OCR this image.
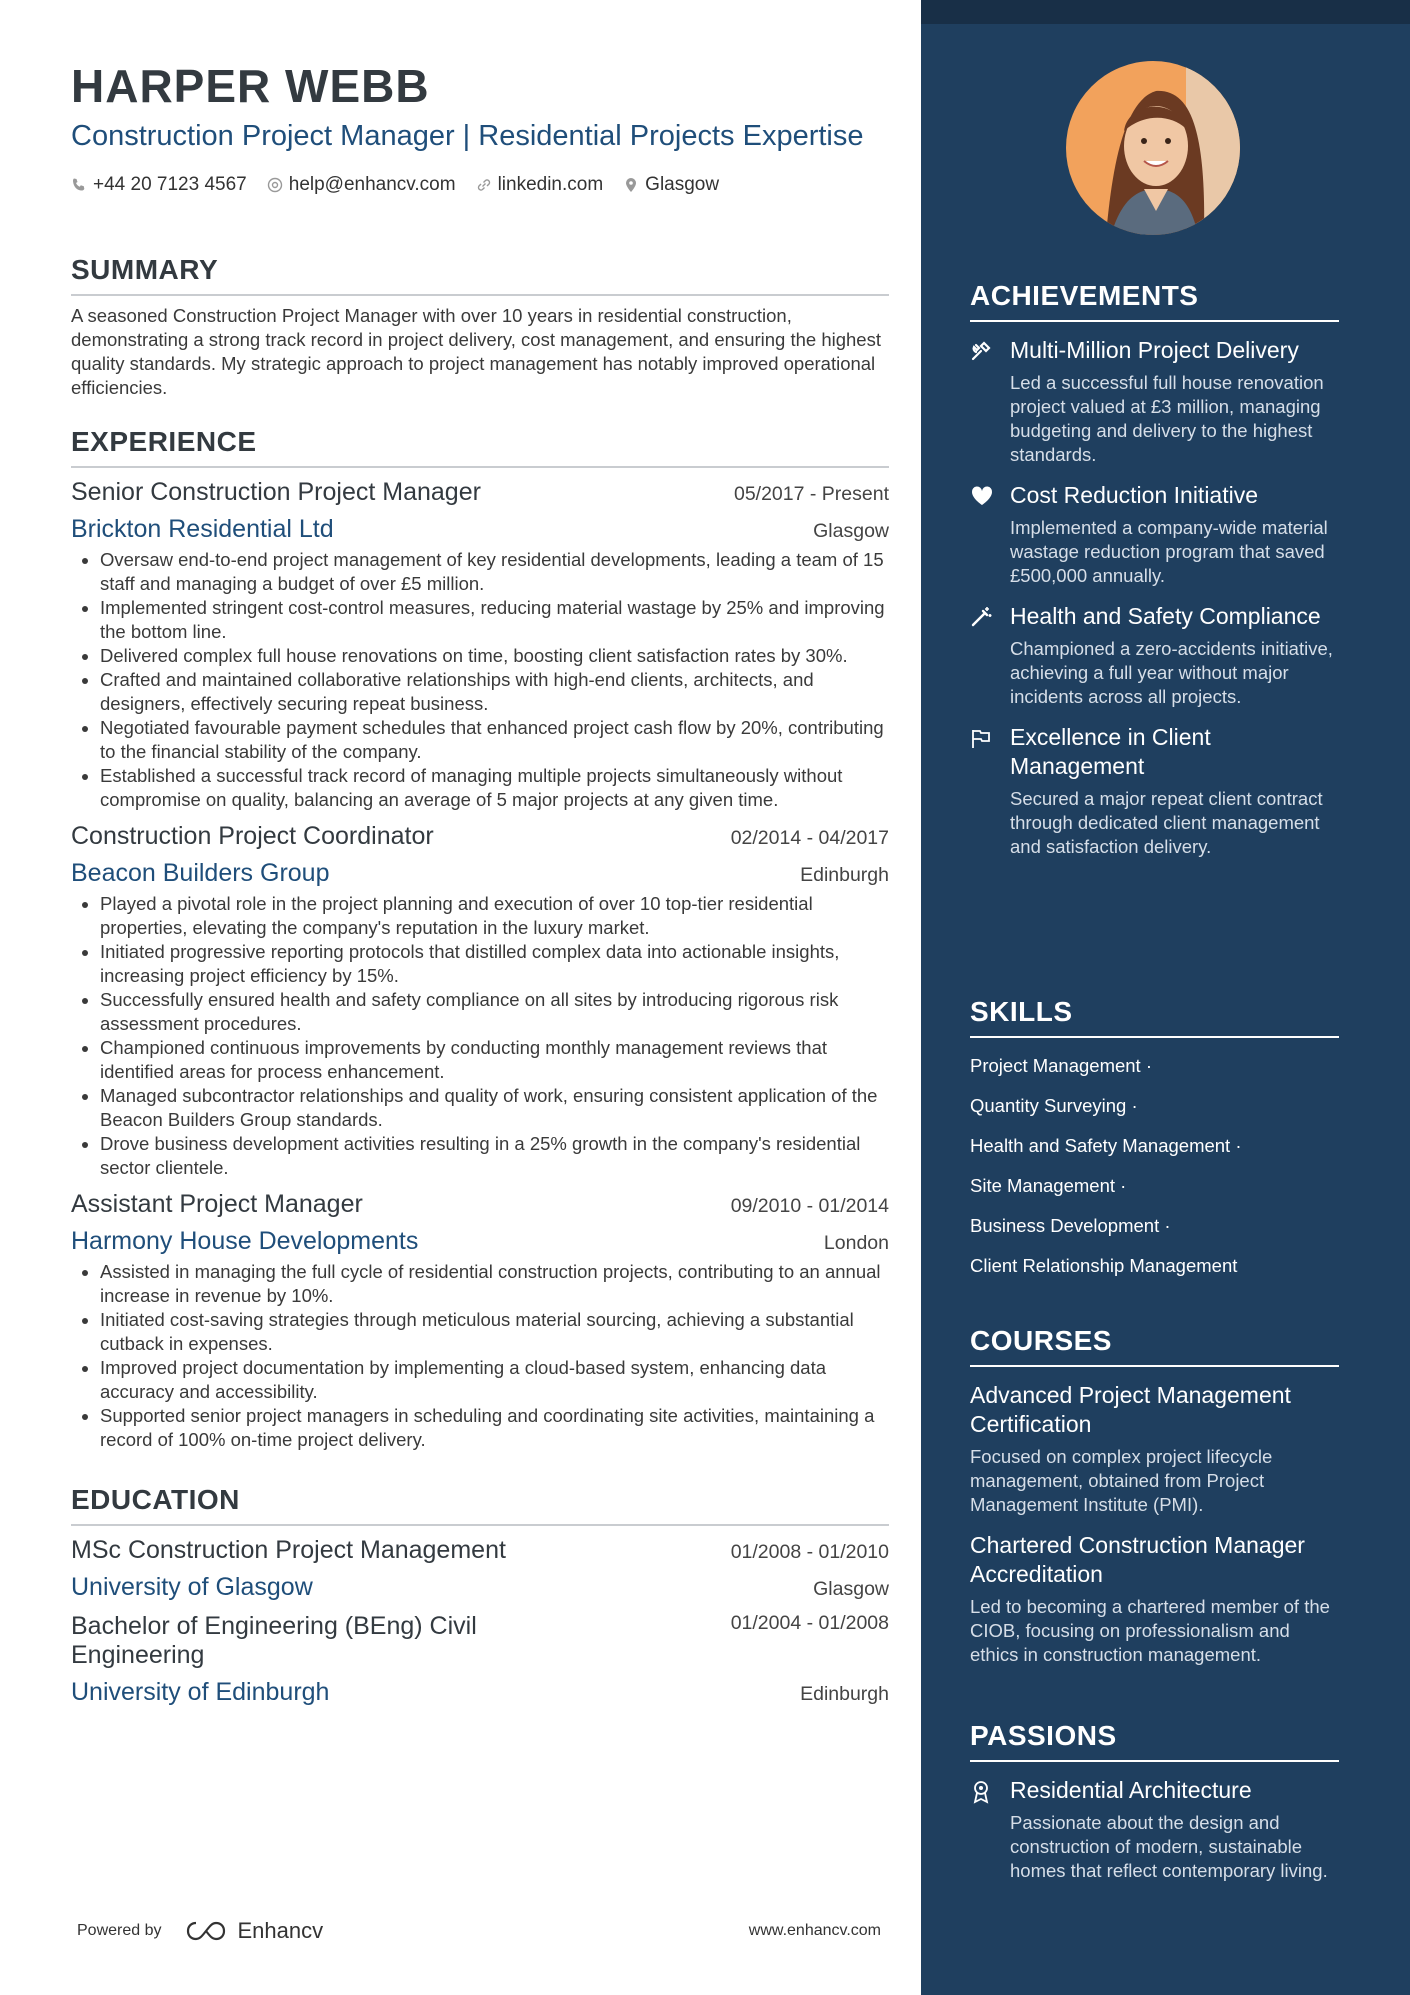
HARPER WEBB
Construction Project Manager | Residential Projects Expertise
+44 20 7123 4567 help@enhancv.com linkedin.com Glasgow
SUMMARY
A seasoned Construction Project Manager with over 10 years in residential construction, demonstrating a strong track record in project delivery, cost management, and ensuring the highest quality standards. My strategic approach to project management has notably improved operational efficiencies.
EXPERIENCE
Senior Construction Project Manager	05/2017 - Present
Brickton Residential Ltd	Glasgow
• Oversaw end-to-end project management of key residential developments, leading a team of 15 staff and managing a budget of over £5 million.
• Implemented stringent cost-control measures, reducing material wastage by 25% and improving the bottom line.
• Delivered complex full house renovations on time, boosting client satisfaction rates by 30%.
• Crafted and maintained collaborative relationships with high-end clients, architects, and designers, effectively securing repeat business.
• Negotiated favourable payment schedules that enhanced project cash flow by 20%, contributing to the financial stability of the company.
• Established a successful track record of managing multiple projects simultaneously without compromise on quality, balancing an average of 5 major projects at any given time.
Construction Project Coordinator	02/2014 - 04/2017
Beacon Builders Group	Edinburgh
• Played a pivotal role in the project planning and execution of over 10 top-tier residential properties, elevating the company's reputation in the luxury market.
• Initiated progressive reporting protocols that distilled complex data into actionable insights, increasing project efficiency by 15%.
• Successfully ensured health and safety compliance on all sites by introducing rigorous risk assessment procedures.
• Championed continuous improvements by conducting monthly management reviews that identified areas for process enhancement.
• Managed subcontractor relationships and quality of work, ensuring consistent application of the Beacon Builders Group standards.
• Drove business development activities resulting in a 25% growth in the company's residential sector clientele.
Assistant Project Manager	09/2010 - 01/2014
Harmony House Developments	London
• Assisted in managing the full cycle of residential construction projects, contributing to an annual increase in revenue by 10%.
• Initiated cost-saving strategies through meticulous material sourcing, achieving a substantial cutback in expenses.
• Improved project documentation by implementing a cloud-based system, enhancing data accuracy and accessibility.
• Supported senior project managers in scheduling and coordinating site activities, maintaining a record of 100% on-time project delivery.
EDUCATION
MSc Construction Project Management	01/2008 - 01/2010
University of Glasgow	Glasgow
Bachelor of Engineering (BEng) Civil Engineering
01/2004 - 01/2008
University of Edinburgh	Edinburgh
Powered by	Enhancv	www.enhancv.com
ACHIEVEMENTS
Multi-Million Project Delivery
Led a successful full house renovation project valued at £3 million, managing budgeting and delivery to the highest standards.
Cost Reduction Initiative
Implemented a company-wide material wastage reduction program that saved £500,000 annually.
Health and Safety Compliance
Championed a zero-accidents initiative, achieving a full year without major incidents across all projects.
Excellence in Client Management
Secured a major repeat client contract through dedicated client management and satisfaction delivery.
SKILLS
Project Management ·
Quantity Surveying ·
Health and Safety Management ·
Site Management ·
Business Development ·
Client Relationship Management
COURSES
Advanced Project Management Certification
Focused on complex project lifecycle management, obtained from Project Management Institute (PMI).
Chartered Construction Manager Accreditation
Led to becoming a chartered member of the CIOB, focusing on professionalism and ethics in construction management.
PASSIONS
Residential Architecture
Passionate about the design and construction of modern, sustainable homes that reflect contemporary living.
